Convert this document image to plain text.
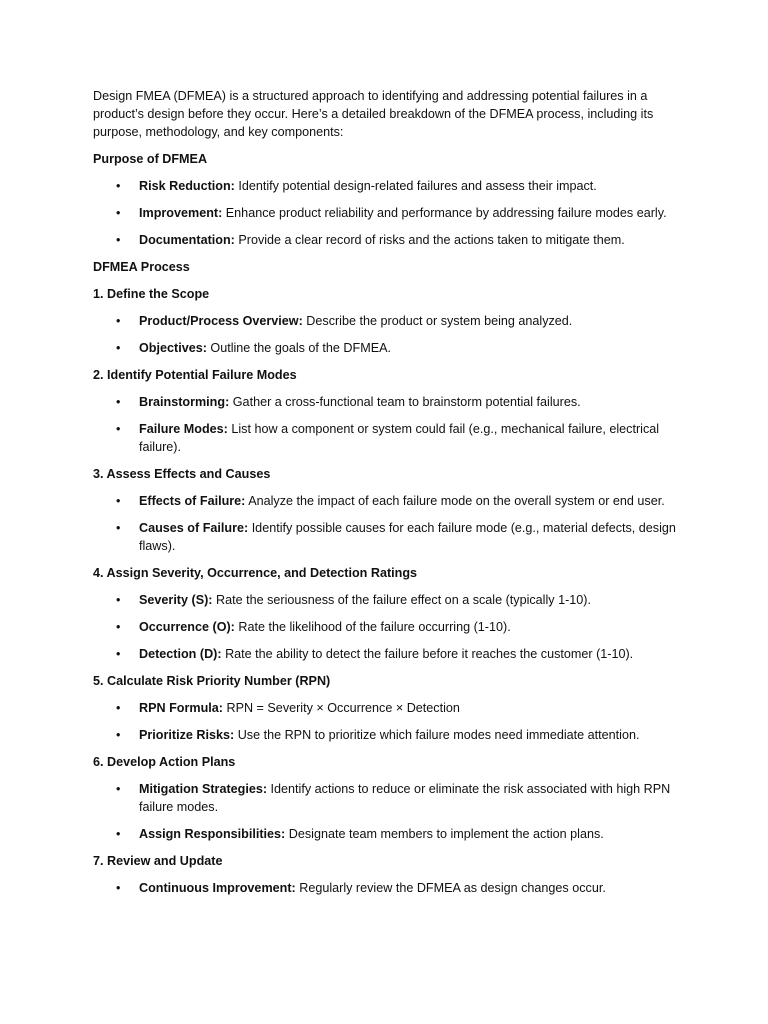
Design FMEA (DFMEA) is a structured approach to identifying and addressing potential failures in a product’s design before they occur. Here’s a detailed breakdown of the DFMEA process, including its purpose, methodology, and key components:

Purpose of DFMEA

• Risk Reduction: Identify potential design-related failures and assess their impact.
• Improvement: Enhance product reliability and performance by addressing failure modes early.
• Documentation: Provide a clear record of risks and the actions taken to mitigate them.

DFMEA Process

1. Define the Scope

• Product/Process Overview: Describe the product or system being analyzed.
• Objectives: Outline the goals of the DFMEA.

2. Identify Potential Failure Modes

• Brainstorming: Gather a cross-functional team to brainstorm potential failures.
• Failure Modes: List how a component or system could fail (e.g., mechanical failure, electrical failure).

3. Assess Effects and Causes

• Effects of Failure: Analyze the impact of each failure mode on the overall system or end user.
• Causes of Failure: Identify possible causes for each failure mode (e.g., material defects, design flaws).

4. Assign Severity, Occurrence, and Detection Ratings

• Severity (S): Rate the seriousness of the failure effect on a scale (typically 1-10).
• Occurrence (O): Rate the likelihood of the failure occurring (1-10).
• Detection (D): Rate the ability to detect the failure before it reaches the customer (1-10).

5. Calculate Risk Priority Number (RPN)

• RPN Formula: RPN = Severity × Occurrence × Detection
• Prioritize Risks: Use the RPN to prioritize which failure modes need immediate attention.

6. Develop Action Plans

• Mitigation Strategies: Identify actions to reduce or eliminate the risk associated with high RPN failure modes.
• Assign Responsibilities: Designate team members to implement the action plans.

7. Review and Update

• Continuous Improvement: Regularly review the DFMEA as design changes occur.
